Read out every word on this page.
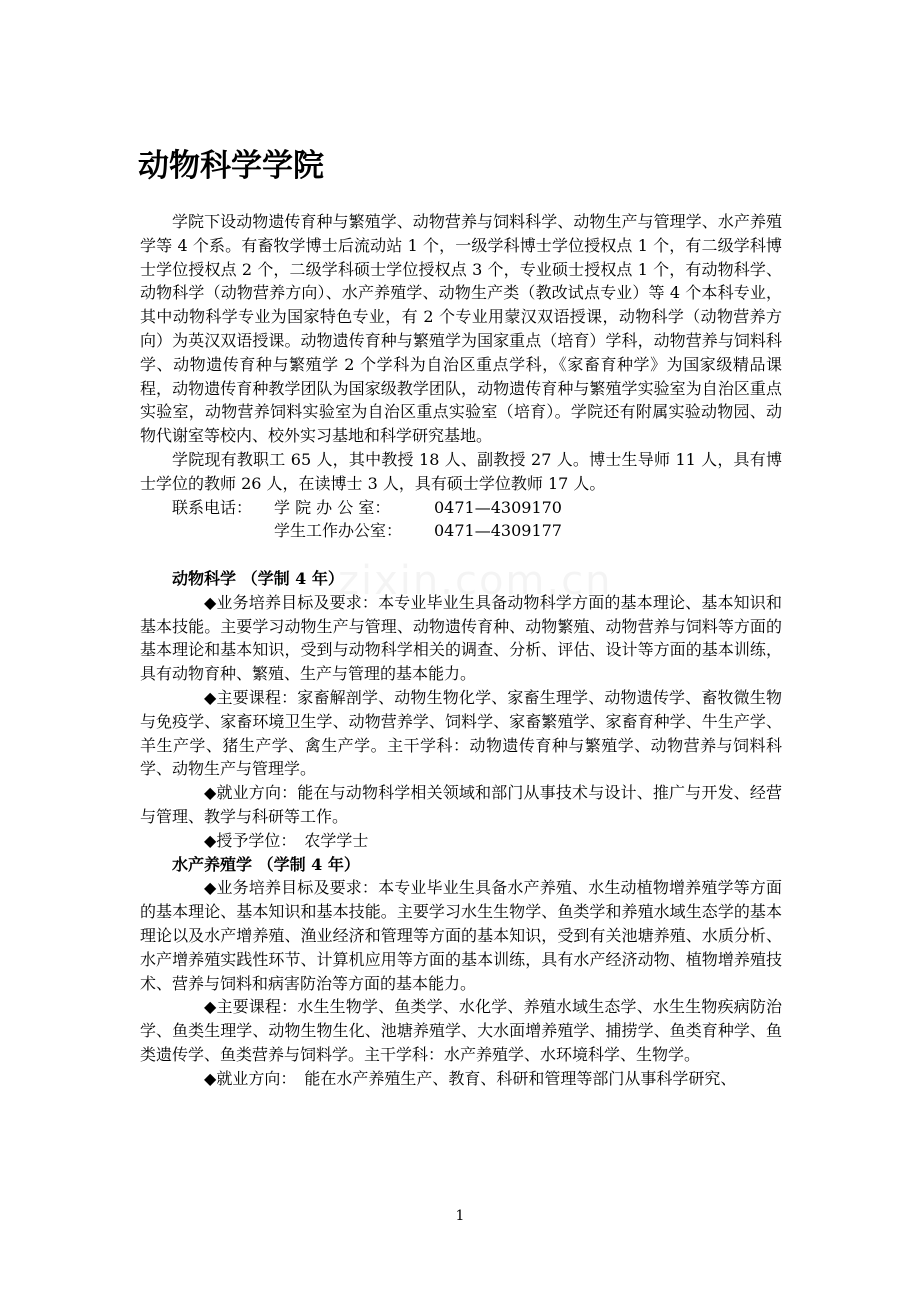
动物科学学院

学院下设动物遗传育种与繁殖学、动物营养与饲料科学、动物生产与管理学、水产养殖学等 4 个系。有畜牧学博士后流动站 1 个，一级学科博士学位授权点 1 个，有二级学科博士学位授权点 2 个，二级学科硕士学位授权点 3 个，专业硕士授权点 1 个，有动物科学、动物科学（动物营养方向）、水产养殖学、动物生产类（教改试点专业）等 4 个本科专业，其中动物科学专业为国家特色专业，有 2 个专业用蒙汉双语授课，动物科学（动物营养方向）为英汉双语授课。动物遗传育种与繁殖学为国家重点（培育）学科，动物营养与饲料科学、动物遗传育种与繁殖学 2 个学科为自治区重点学科，《家畜育种学》为国家级精品课程，动物遗传育种教学团队为国家级教学团队，动物遗传育种与繁殖学实验室为自治区重点实验室，动物营养饲料实验室为自治区重点实验室（培育）。学院还有附属实验动物园、动物代谢室等校内、校外实习基地和科学研究基地。

学院现有教职工 65 人，其中教授 18 人、副教授 27 人。博士生导师 11 人，具有博士学位的教师 26 人，在读博士 3 人，具有硕士学位教师 17 人。

联系电话：	学 院 办 公 室：	0471—4309170
学生工作办公室：	0471—4309177
动物科学 （学制 4 年）
◆业务培养目标及要求：本专业毕业生具备动物科学方面的基本理论、基本知识和基本技能。主要学习动物生产与管理、动物遗传育种、动物繁殖、动物营养与饲料等方面的基本理论和基本知识，受到与动物科学相关的调查、分析、评估、设计等方面的基本训练，具有动物育种、繁殖、生产与管理的基本能力。
◆主要课程：家畜解剖学、动物生物化学、家畜生理学、动物遗传学、畜牧微生物与免疫学、家畜环境卫生学、动物营养学、饲料学、家畜繁殖学、家畜育种学、牛生产学、羊生产学、猪生产学、禽生产学。主干学科：动物遗传育种与繁殖学、动物营养与饲料科学、动物生产与管理学。
◆就业方向：能在与动物科学相关领域和部门从事技术与设计、推广与开发、经营与管理、教学与科研等工作。
◆授予学位：　农学学士
水产养殖学 （学制 4 年）
◆业务培养目标及要求：本专业毕业生具备水产养殖、水生动植物增养殖学等方面的基本理论、基本知识和基本技能。主要学习水生生物学、鱼类学和养殖水域生态学的基本理论以及水产增养殖、渔业经济和管理等方面的基本知识，受到有关池塘养殖、水质分析、水产增养殖实践性环节、计算机应用等方面的基本训练，具有水产经济动物、植物增养殖技术、营养与饲料和病害防治等方面的基本能力。
◆主要课程：水生生物学、鱼类学、水化学、养殖水域生态学、水生生物疾病防治学、鱼类生理学、动物生物生化、池塘养殖学、大水面增养殖学、捕捞学、鱼类育种学、鱼类遗传学、鱼类营养与饲料学。主干学科：水产养殖学、水环境科学、生物学。
◆就业方向：　能在水产养殖生产、教育、科研和管理等部门从事科学研究、
1
